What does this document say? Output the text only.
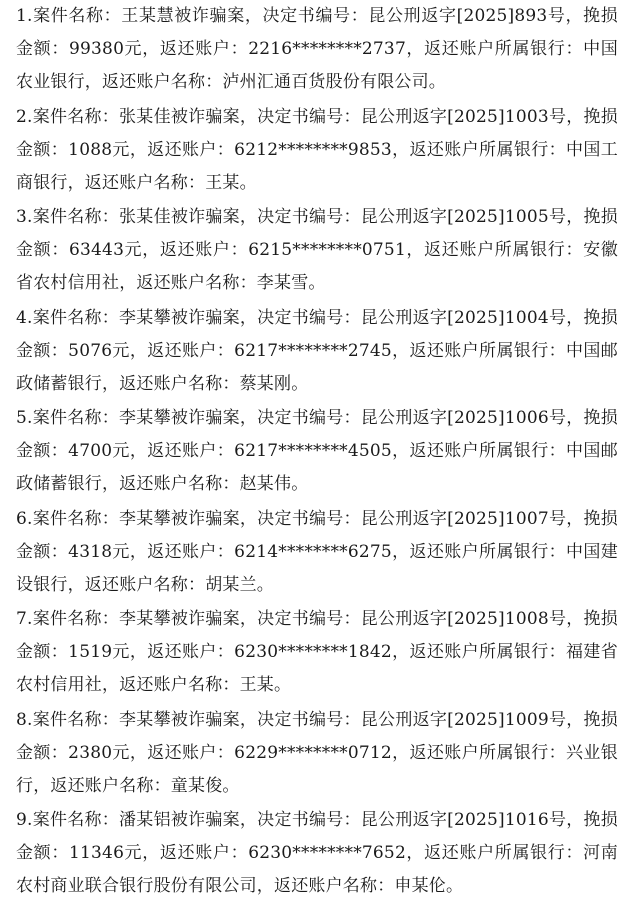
1.案件名称：王某慧被诈骗案，决定书编号：昆公刑返字[2025]893号，挽损金额：99380元，返还账户：2216********2737，返还账户所属银行：中国农业银行，返还账户名称：泸州汇通百货股份有限公司。

2.案件名称：张某佳被诈骗案，决定书编号：昆公刑返字[2025]1003号，挽损金额：1088元，返还账户：6212********9853，返还账户所属银行：中国工商银行，返还账户名称：王某。

3.案件名称：张某佳被诈骗案，决定书编号：昆公刑返字[2025]1005号，挽损金额：63443元，返还账户：6215********0751，返还账户所属银行：安徽省农村信用社，返还账户名称：李某雪。

4.案件名称：李某攀被诈骗案，决定书编号：昆公刑返字[2025]1004号，挽损金额：5076元，返还账户：6217********2745，返还账户所属银行：中国邮政储蓄银行，返还账户名称：蔡某刚。

5.案件名称：李某攀被诈骗案，决定书编号：昆公刑返字[2025]1006号，挽损金额：4700元，返还账户：6217********4505，返还账户所属银行：中国邮政储蓄银行，返还账户名称：赵某伟。

6.案件名称：李某攀被诈骗案，决定书编号：昆公刑返字[2025]1007号，挽损金额：4318元，返还账户：6214********6275，返还账户所属银行：中国建设银行，返还账户名称：胡某兰。

7.案件名称：李某攀被诈骗案，决定书编号：昆公刑返字[2025]1008号，挽损金额：1519元，返还账户：6230********1842，返还账户所属银行：福建省农村信用社，返还账户名称：王某。

8.案件名称：李某攀被诈骗案，决定书编号：昆公刑返字[2025]1009号，挽损金额：2380元，返还账户：6229********0712，返还账户所属银行：兴业银行，返还账户名称：童某俊。

9.案件名称：潘某铝被诈骗案，决定书编号：昆公刑返字[2025]1016号，挽损金额：11346元，返还账户：6230********7652，返还账户所属银行：河南农村商业联合银行股份有限公司，返还账户名称：申某伦。
